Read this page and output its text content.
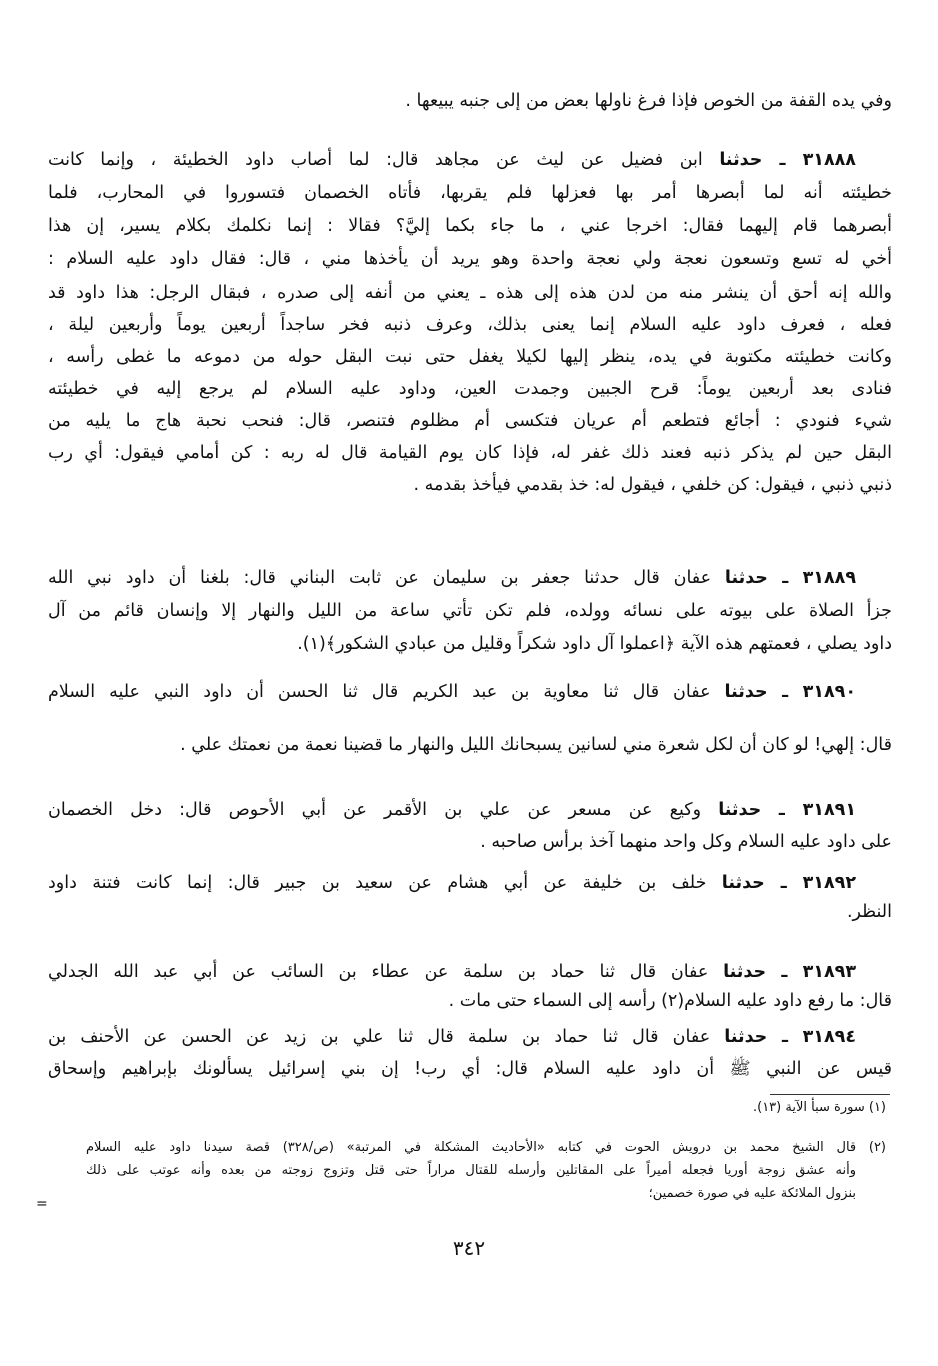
وفي يده القفة من الخوص فإذا فرغ ناولها بعض من إلى جنبه يبيعها .
٣١٨٨٨ ـ حدثنا ابن فضيل عن ليث عن مجاهد قال: لما أصاب داود الخطيئة ، وإنما كانت
خطيئته أنه لما أبصرها أمر بها فعزلها فلم يقربها، فأتاه الخصمان فتسوروا في المحارب، فلما
أبصرهما قام إليهما فقال: اخرجا عني ، ما جاء بكما إليَّ؟ فقالا : إنما نكلمك بكلام يسير، إن هذا
أخي له تسع وتسعون نعجة ولي نعجة واحدة وهو يريد أن يأخذها مني ، قال: فقال داود عليه السلام :
والله إنه أحق أن ينشر منه من لدن هذه إلى هذه ـ يعني من أنفه إلى صدره ، فبقال الرجل: هذا داود قد
فعله ، فعرف داود عليه السلام إنما يعنى بذلك، وعرف ذنبه فخر ساجداً أربعين يوماً وأربعين ليلة ،
وكانت خطيئته مكتوبة في يده، ينظر إليها لكيلا يغفل حتى نبت البقل حوله من دموعه ما غطى رأسه ،
فنادى بعد أربعين يوماً: قرح الجبين وجمدت العين، وداود عليه السلام لم يرجع إليه في خطيئته
شيء فنودي : أجائع فتطعم أم عريان فتكسى أم مظلوم فتنصر، قال: فنحب نحبة هاج ما يليه من
البقل حين لم يذكر ذنبه فعند ذلك غفر له، فإذا كان يوم القيامة قال له ربه : كن أمامي فيقول: أي رب
ذنبي ذنبي ، فيقول: كن خلفي ، فيقول له: خذ بقدمي فيأخذ بقدمه .
٣١٨٨٩ ـ حدثنا عفان قال حدثنا جعفر بن سليمان عن ثابت البناني قال: بلغنا أن داود نبي الله
جزأ الصلاة على بيوته على نسائه وولده، فلم تكن تأتي ساعة من الليل والنهار إلا وإنسان قائم من آل
داود يصلي ، فعمتهم هذه الآية ﴿اعملوا آل داود شكراً وقليل من عبادي الشكور﴾(١).
٣١٨٩٠ ـ حدثنا عفان قال ثنا معاوية بن عبد الكريم قال ثنا الحسن أن داود النبي عليه السلام
قال: إلهي! لو كان أن لكل شعرة مني لسانين يسبحانك الليل والنهار ما قضينا نعمة من نعمتك علي .
٣١٨٩١ ـ حدثنا وكيع عن مسعر عن علي بن الأقمر عن أبي الأحوص قال: دخل الخصمان
على داود عليه السلام وكل واحد منهما آخذ برأس صاحبه .
٣١٨٩٢ ـ حدثنا خلف بن خليفة عن أبي هشام عن سعيد بن جبير قال: إنما كانت فتنة داود
النظر.
٣١٨٩٣ ـ حدثنا عفان قال ثنا حماد بن سلمة عن عطاء بن السائب عن أبي عبد الله الجدلي
قال: ما رفع داود عليه السلام(٢) رأسه إلى السماء حتى مات .
٣١٨٩٤ ـ حدثنا عفان قال ثنا حماد بن سلمة قال ثنا علي بن زيد عن الحسن عن الأحنف بن
قيس عن النبي ﷺ أن داود عليه السلام قال: أي رب! إن بني إسرائيل يسألونك بإبراهيم وإسحاق
(١) سورة سبأ الآية (١٣).
(٢) قال الشيخ محمد بن درويش الحوت في كتابه «الأحاديث المشكلة في المرتبة» (ص/٣٢٨) قصة سيدنا داود عليه السلام
وأنه عشق زوجة أوريا فجعله أميراً على المقاتلين وأرسله للقتال مراراً حتى قتل وتزوج زوجته من بعده وأنه عوتب على ذلك
بنزول الملائكة عليه في صورة خصمين؛
=
٣٤٢
